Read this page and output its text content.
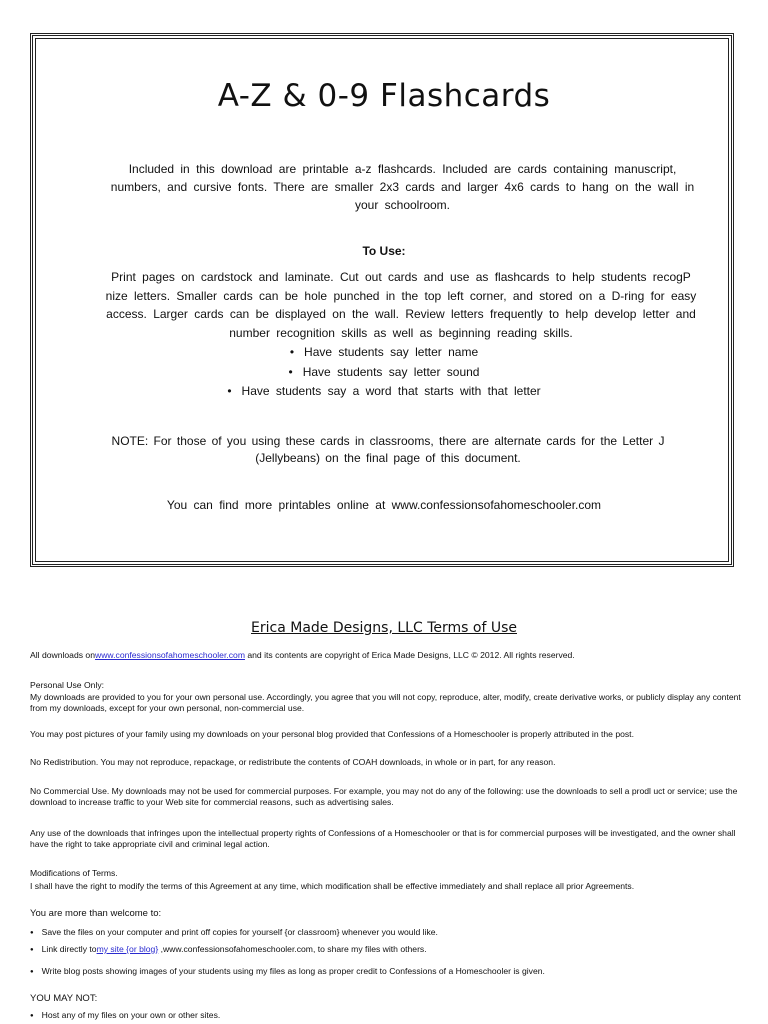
A-Z & 0-9 Flashcards
Included in this download are printable a-z flashcards. Included are cards containing manuscript, numbers, and cursive fonts. There are smaller 2x3 cards and larger 4x6 cards to hang on the wall in your schoolroom.
To Use:
Print pages on cardstock and laminate. Cut out cards and use as flashcards to help students recogP nize letters. Smaller cards can be hole punched in the top left corner, and stored on a D-ring for easy access. Larger cards can be displayed on the wall. Review letters frequently to help develop letter and number recognition skills as well as beginning reading skills.
• Have students say letter name
• Have students say letter sound
• Have students say a word that starts with that letter
NOTE: For those of you using these cards in classrooms, there are alternate cards for the Letter J (Jellybeans) on the final page of this document.
You can find more printables online at www.confessionsofahomeschooler.com
Erica Made Designs, LLC Terms of Use
All downloads onwww.confessionsofahomeschooler.com and its contents are copyright of Erica Made Designs, LLC © 2012. All rights reserved.
Personal Use Only:
My downloads are provided to you for your own personal use. Accordingly, you agree that you will not copy, reproduce, alter, modify, create derivative works, or publicly display any content from my downloads, except for your own personal, non-commercial use.
You may post pictures of your family using my downloads on your personal blog provided that Confessions of a Homeschooler is properly attributed in the post.
No Redistribution. You may not reproduce, repackage, or redistribute the contents of COAH downloads, in whole or in part, for any reason.
No Commercial Use. My downloads may not be used for commercial purposes. For example, you may not do any of the following: use the downloads to sell a prodl uct or service; use the download to increase traffic to your Web site for commercial reasons, such as advertising sales.
Any use of the downloads that infringes upon the intellectual property rights of Confessions of a Homeschooler or that is for commercial purposes will be investigated, and the owner shall have the right to take appropriate civil and criminal legal action.
Modifications of Terms.
I shall have the right to modify the terms of this Agreement at any time, which modification shall be effective immediately and shall replace all prior Agreements.
You are more than welcome to:
● Save the files on your computer and print off copies for yourself {or classroom} whenever you would like.
● Link directly tomy site {or blog} ,www.confessionsofahomeschooler.com, to share my files with others.
● Write blog posts showing images of your students using my files as long as proper credit to Confessions of a Homeschooler is given.
YOU MAY NOT:
● Host any of my files on your own or other sites.
